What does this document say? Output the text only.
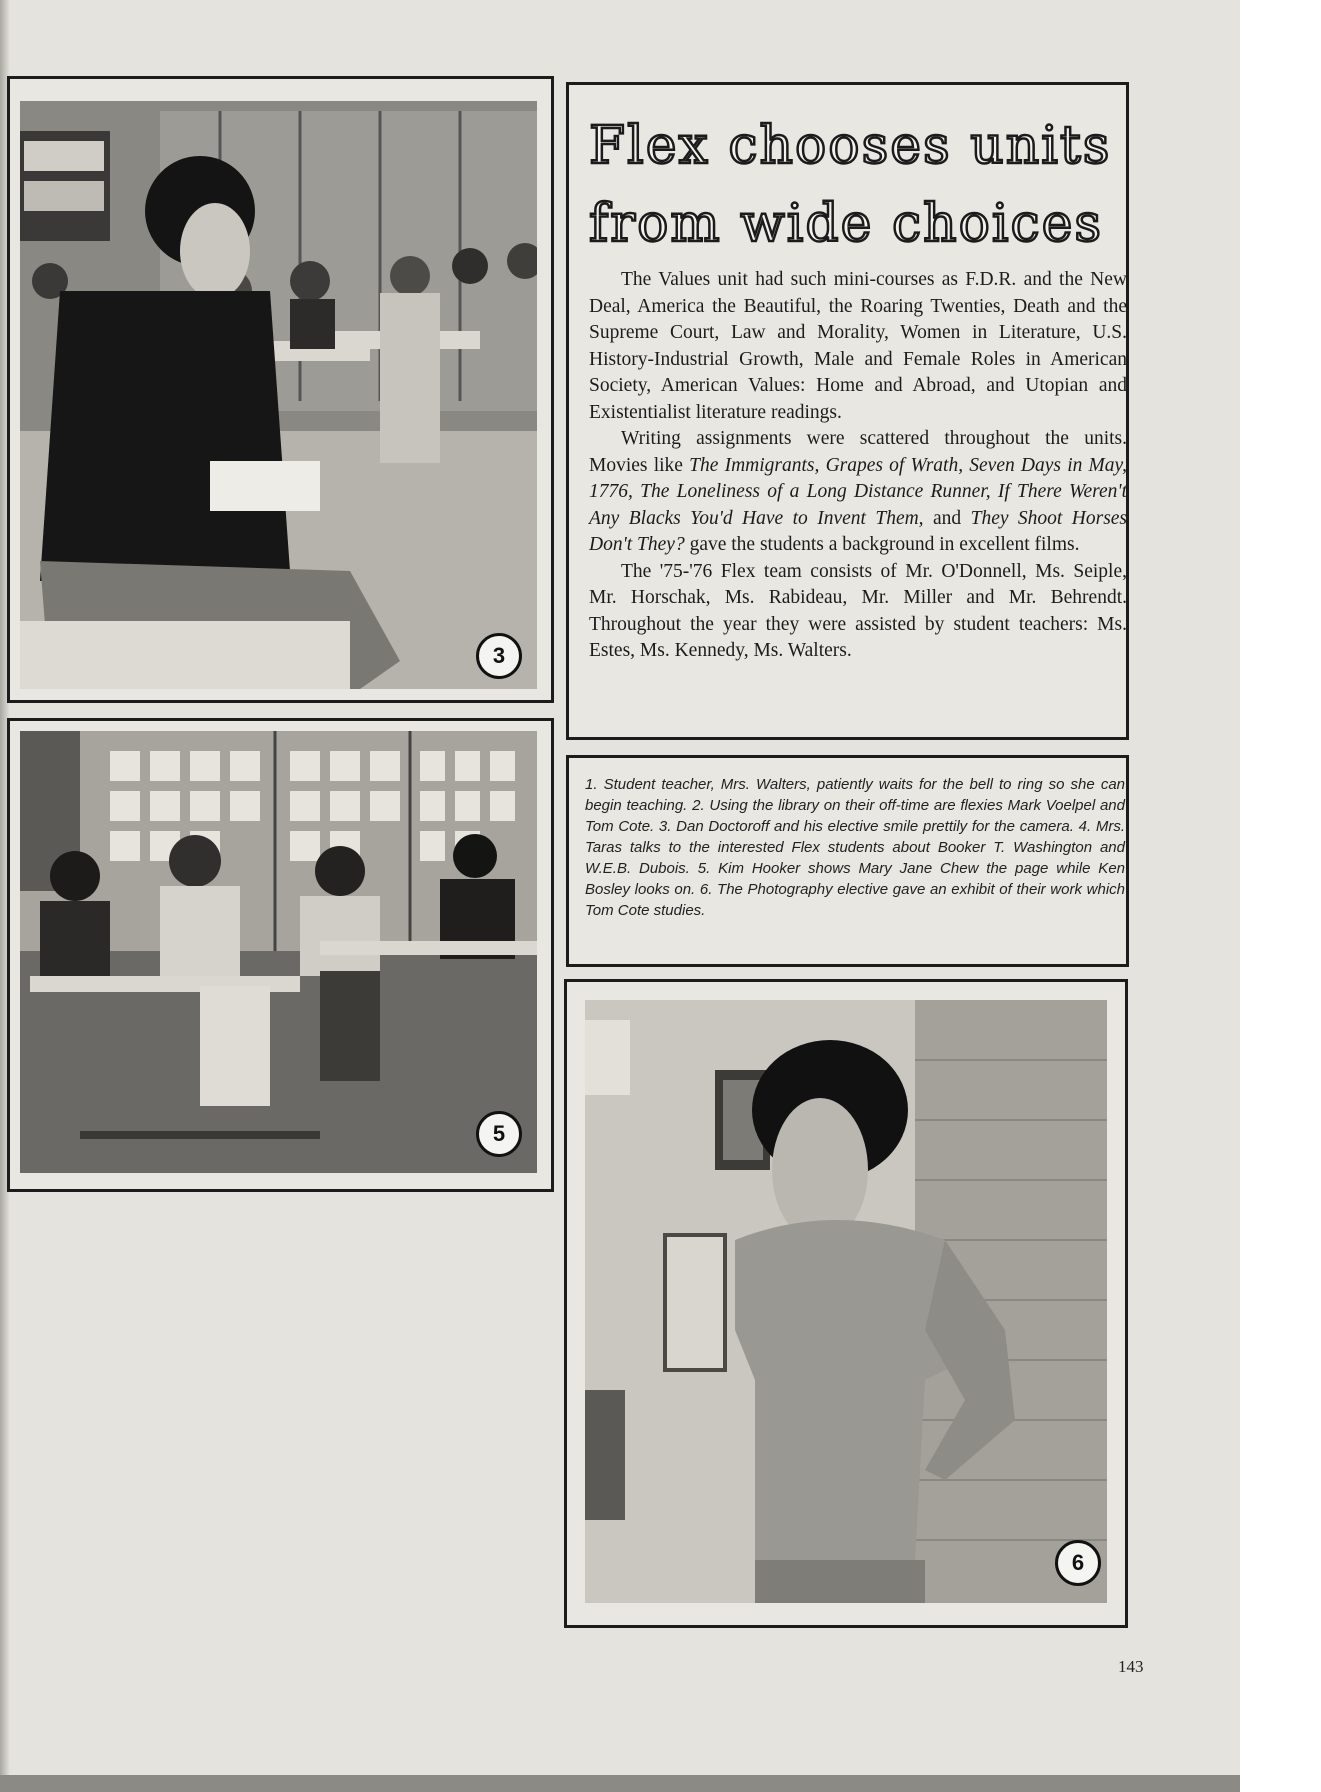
3
5
Flex chooses units
from wide choices

The Values unit had such mini-courses as F.D.R. and the New Deal, America the Beautiful, the Roaring Twenties, Death and the Supreme Court, Law and Morality, Women in Literature, U.S. History-Industrial Growth, Male and Female Roles in American Society, American Values: Home and Abroad, and Utopian and Existentialist literature readings.

Writing assignments were scattered throughout the units. Movies like The Immigrants, Grapes of Wrath, Seven Days in May, 1776, The Loneliness of a Long Distance Runner, If There Weren't Any Blacks You'd Have to Invent Them, and They Shoot Horses Don't They? gave the students a background in excellent films.

The '75-'76 Flex team consists of Mr. O'Donnell, Ms. Seiple, Mr. Horschak, Ms. Rabideau, Mr. Miller and Mr. Behrendt. Throughout the year they were assisted by student teachers: Ms. Estes, Ms. Kennedy, Ms. Walters.

1. Student teacher, Mrs. Walters, patiently waits for the bell to ring so she can begin teaching. 2. Using the library on their off-time are flexies Mark Voelpel and Tom Cote. 3. Dan Doctoroff and his elective smile prettily for the camera. 4. Mrs. Taras talks to the interested Flex students about Booker T. Washington and W.E.B. Dubois. 5. Kim Hooker shows Mary Jane Chew the page while Ken Bosley looks on. 6. The Photography elective gave an exhibit of their work which Tom Cote studies.

6
143
